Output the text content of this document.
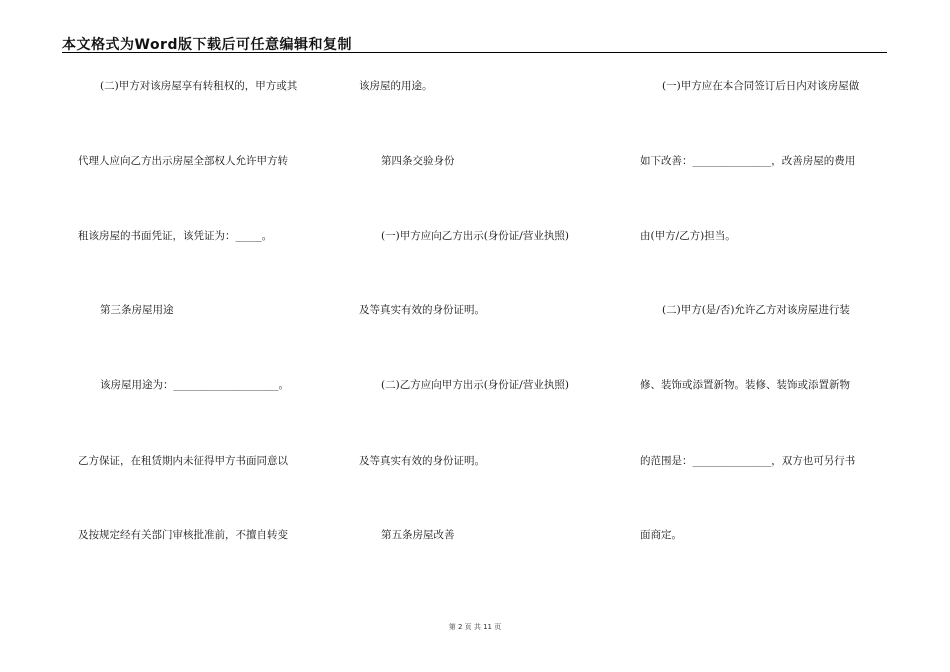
本文格式为Word版下载后可任意编辑和复制
(二)甲方对该房屋享有转租权的，甲方或其
代理人应向乙方出示房屋全部权人允许甲方转
租该房屋的书面凭证，该凭证为：_____。
第三条房屋用途
该房屋用途为：____________________。
乙方保证，在租赁期内未征得甲方书面同意以
及按规定经有关部门审核批准前，不擅自转变
该房屋的用途。
第四条交验身份
(一)甲方应向乙方出示(身份证/营业执照)
及等真实有效的身份证明。
(二)乙方应向甲方出示(身份证/营业执照)
及等真实有效的身份证明。
第五条房屋改善
(一)甲方应在本合同签订后日内对该房屋做
如下改善：_______________，改善房屋的费用
由(甲方/乙方)担当。
(二)甲方(是/否)允许乙方对该房屋进行装
修、装饰或添置新物。装修、装饰或添置新物
的范围是：_______________，双方也可另行书
面商定。
第 2 页 共 11 页
